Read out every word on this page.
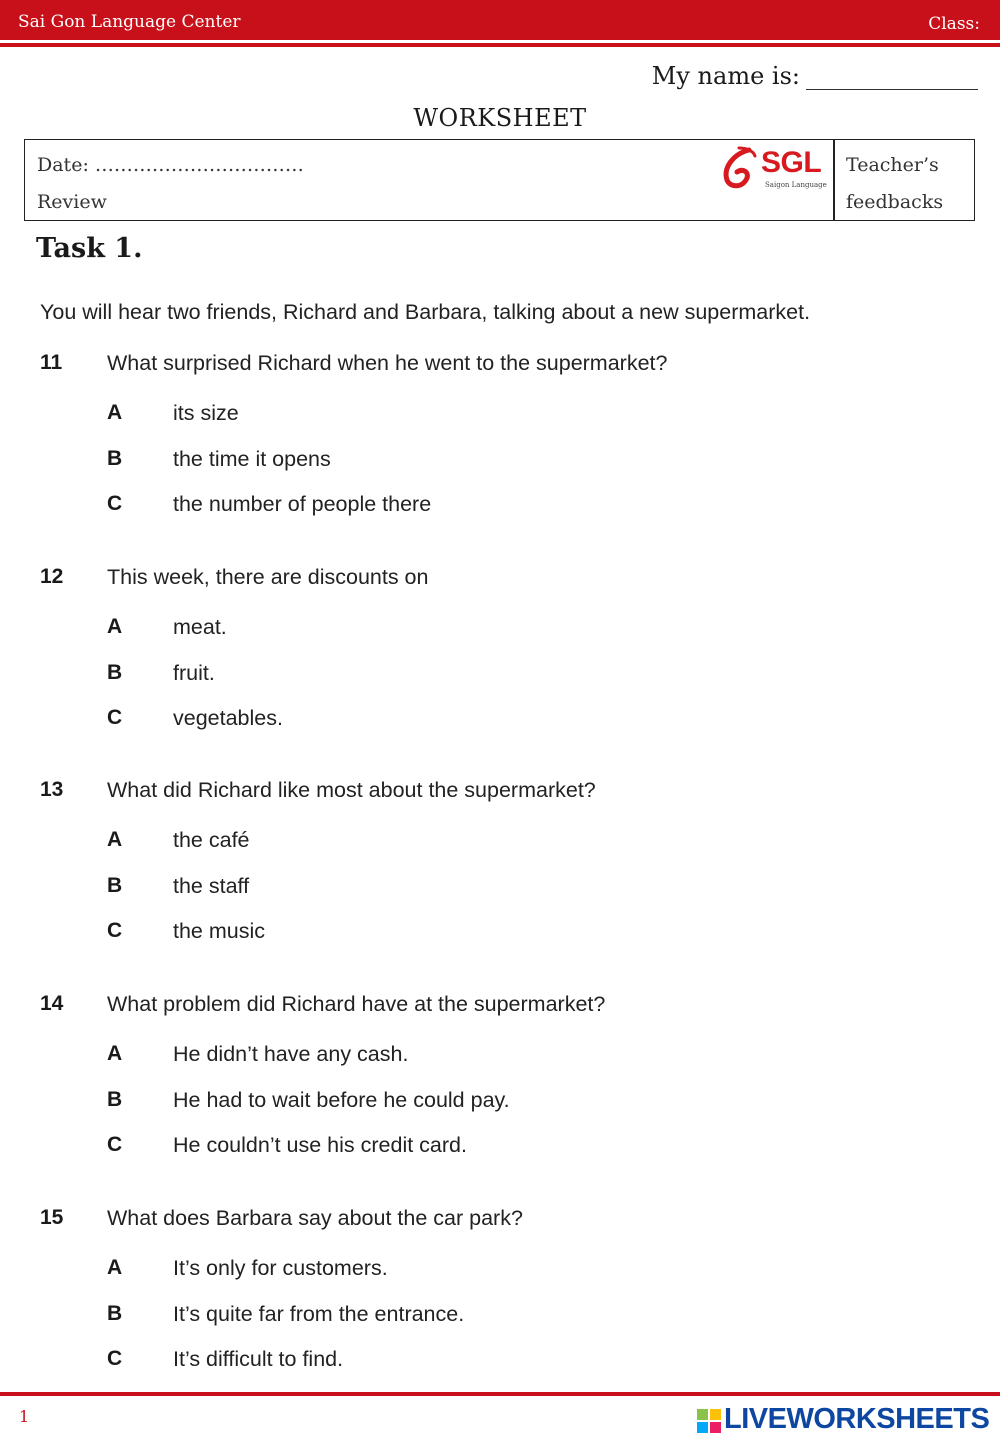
Sai Gon Language Center	Class:
My name is:
WORKSHEET
Date: ……………………………
Review
SGL
Saigon Language
Teacher’s
feedbacks
Task 1.
You will hear two friends, Richard and Barbara, talking about a new supermarket.
11 What surprised Richard when he went to the supermarket?
A its size
B the time it opens
C the number of people there
12 This week, there are discounts on
A meat.
B fruit.
C vegetables.
13 What did Richard like most about the supermarket?
A the café
B the staff
C the music
14 What problem did Richard have at the supermarket?
A He didn’t have any cash.
B He had to wait before he could pay.
C He couldn’t use his credit card.
15 What does Barbara say about the car park?
A It’s only for customers.
B It’s quite far from the entrance.
C It’s difficult to find.
1	LIVEWORKSHEETS
